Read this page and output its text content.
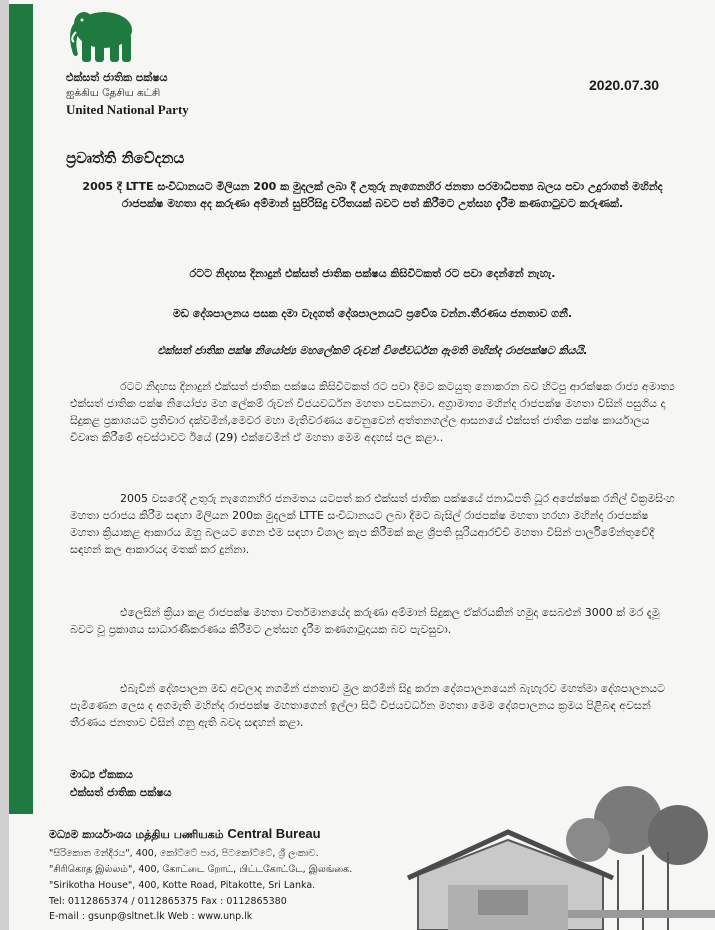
එක්සත් ජාතික පක්ෂය
ஐக்கிய தேசிய கட்சி
United National Party
2020.07.30
ප්‍රවෘත්ති නිවේදනය
2005 දී LTTE සංවිධානයට මිලියන 200 ක මුදලක් ලබා දී උතුරු නැගෙනහිර ජනතා පරමාධිපත්‍ය බලය පවා උදුරාගත් මහින්ද රාජපක්ෂ මහතා අද කරුණා අම්මාන් සුපිරිසිදු චරිතයක් බවට පත් කිරීමට උත්සහ දැරීම කණගාටුවට කරුණක්.
රටට නිදහස දිනාදුන් එක්සත් ජාතික පක්ෂය කිසිවිටකත් රට පවා දෙන්නේ නැහැ.
මඩ දේශපාලනය පසක දමා වැදගත් දේශපාලනයට ප්‍රවේශ වන්න.තීරණය ජනතාව ගනී.
එක්සත් ජාතික පක්ෂ නියෝජ්‍ය මහලේකම් රුවන් විජේවර්ධන ඇමති මහින්ද රාජපක්ෂට කියයි.
රටට නිදහස දිනාදුන් එක්සත් ජාතික පක්ෂය කිසිවිටකත් රට පවා දීමට කටයුතු නොකරන බව හිටපු ආරක්ෂක රාජ්‍ය අමාත්‍ය එක්සත් ජාතික පක්ෂ නියෝජ්‍ය මහ ලේකම් රුවන් විජයවර්ධන මහතා පවසනවා. අග්‍රාමාත්‍ය මහින්ද රාජපක්ෂ මහතා විසින් පසුගිය දා සිදුකළ ප්‍රකාශයට ප්‍රතිචාර දක්වමින්,මෙවර මහා මැතිවරණය වෙනුවෙන් අත්තනගල්ල ආසනයේ එක්සත් ජාතික පක්ෂ කාර්යාලය විවෘත කිරීමේ අවස්ථාවට ඊයේ (29) එක්වෙමින් ඒ මහතා මෙම අදහස් පල කළා..
2005 වසරෙදී උතුරු නැගෙනහිර ජනමතය යටපත් කර එක්සත් ජාතික පක්ෂයේ ජනාධිපති ධූර අපේක්ෂක රනිල් වික්‍රමසිංහ මහතා පරාජය කිරීම සඳහා මිලියන 200ක මුදලක් LTTE සංවිධානයට ලබා දීමට බැසිල් රාජපක්ෂ මහතා හරහා මහින්ද රාජපක්ෂ මහතා ක්‍රියාකළ ආකාරය ඔහු බලයට ගෙන එම සඳහා විශාල කැප කිරීමක් කළ ශ්‍රීපති සූරියආරච්චි මහතා විසින් පාර්ලිමේන්තුවේදී සඳහන් කල ආකාරයද මතක් කර දුන්නා.
එලෙසින් ක්‍රියා කළ රාජපක්ෂ මහතා වර්තමානයේද කරුණා අම්මාන් සිදුකල ඒක්රයකින් හමුදා සෙබළුන් 3000 ක් මර දැමූ බවට වූ ප්‍රකාශය සාධාරණීකරණය කිරීමට උත්සහ දැරීම කණගාටුදායක බව පැවසුවා.
එබැවින් දේශපාලන මඩ අවලාද නගමින් ජනතාව මුල කරමින් සිදු කරන දේශපාලනයෙන් බැහැරව මහත්මා දේශපාලනයට පැමිණෙන ලෙස ද අගමැති මහින්ද රාජපක්ෂ මහතාගෙන් ඉල්ලා සිටි විජයවර්ධන මහතා මෙම දේශපාලනය ක්‍රමය පිළිබඳ අවසන් තීරණය ජනතාව විසින් ගනු ඇති බවද සඳහන් කළා.
මාධ්‍ය ඒකකය
එක්සත් ජාතික පක්ෂය
මධ්‍යම කාර්යාංශය மத்திய பணியகம் Central Bureau
"සිරිකොත මන්දිරය", 400, කෝට්ටේ පාර, පිටකෝට්ටේ, ශ්‍රී ලංකාව.
"சிரிகொத இல்லம்", 400, கோட்டை றோட், பிட்டகோட்டே, இலங்கை.
"Sirikotha House", 400, Kotte Road, Pitakotte, Sri Lanka.
Tel: 0112865374 / 0112865375 Fax : 0112865380
E-mail : gsunp@sltnet.lk Web : www.unp.lk
